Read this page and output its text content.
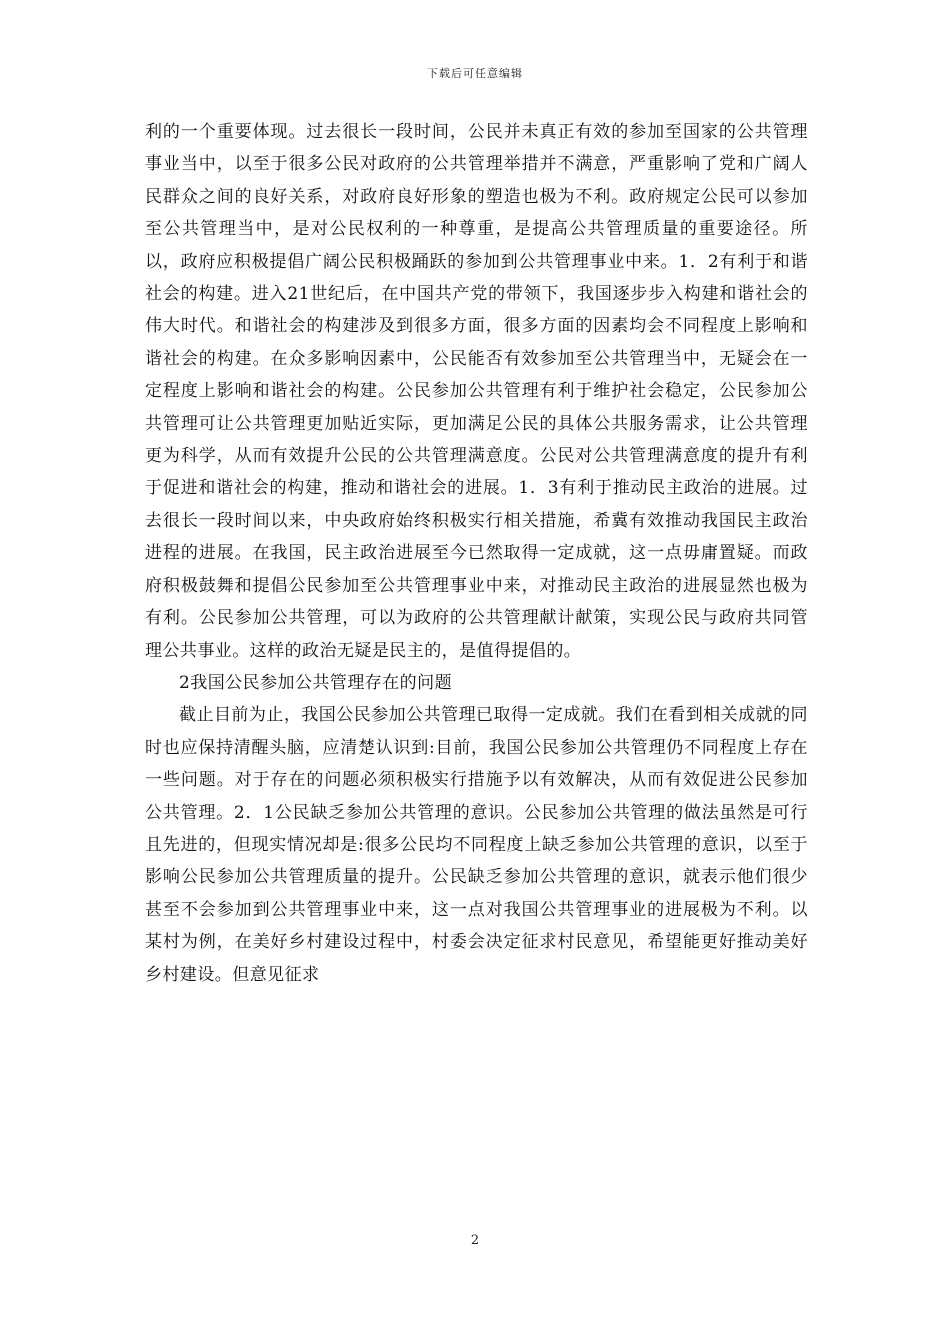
下载后可任意编辑

利的一个重要体现。过去很长一段时间，公民并未真正有效的参加至国家的公共管理事业当中，以至于很多公民对政府的公共管理举措并不满意，严重影响了党和广阔人民群众之间的良好关系，对政府良好形象的塑造也极为不利。政府规定公民可以参加至公共管理当中，是对公民权利的一种尊重，是提高公共管理质量的重要途径。所以，政府应积极提倡广阔公民积极踊跃的参加到公共管理事业中来。1．2有利于和谐社会的构建。进入21世纪后，在中国共产党的带领下，我国逐步步入构建和谐社会的伟大时代。和谐社会的构建涉及到很多方面，很多方面的因素均会不同程度上影响和谐社会的构建。在众多影响因素中，公民能否有效参加至公共管理当中，无疑会在一定程度上影响和谐社会的构建。公民参加公共管理有利于维护社会稳定，公民参加公共管理可让公共管理更加贴近实际，更加满足公民的具体公共服务需求，让公共管理更为科学，从而有效提升公民的公共管理满意度。公民对公共管理满意度的提升有利于促进和谐社会的构建，推动和谐社会的进展。1．3有利于推动民主政治的进展。过去很长一段时间以来，中央政府始终积极实行相关措施，希冀有效推动我国民主政治进程的进展。在我国，民主政治进展至今已然取得一定成就，这一点毋庸置疑。而政府积极鼓舞和提倡公民参加至公共管理事业中来，对推动民主政治的进展显然也极为有利。公民参加公共管理，可以为政府的公共管理献计献策，实现公民与政府共同管理公共事业。这样的政治无疑是民主的，是值得提倡的。

2我国公民参加公共管理存在的问题

截止目前为止，我国公民参加公共管理已取得一定成就。我们在看到相关成就的同时也应保持清醒头脑，应清楚认识到:目前，我国公民参加公共管理仍不同程度上存在一些问题。对于存在的问题必须积极实行措施予以有效解决，从而有效促进公民参加公共管理。2．1公民缺乏参加公共管理的意识。公民参加公共管理的做法虽然是可行且先进的，但现实情况却是:很多公民均不同程度上缺乏参加公共管理的意识，以至于影响公民参加公共管理质量的提升。公民缺乏参加公共管理的意识，就表示他们很少甚至不会参加到公共管理事业中来，这一点对我国公共管理事业的进展极为不利。以某村为例，在美好乡村建设过程中，村委会决定征求村民意见，希望能更好推动美好乡村建设。但意见征求

2
